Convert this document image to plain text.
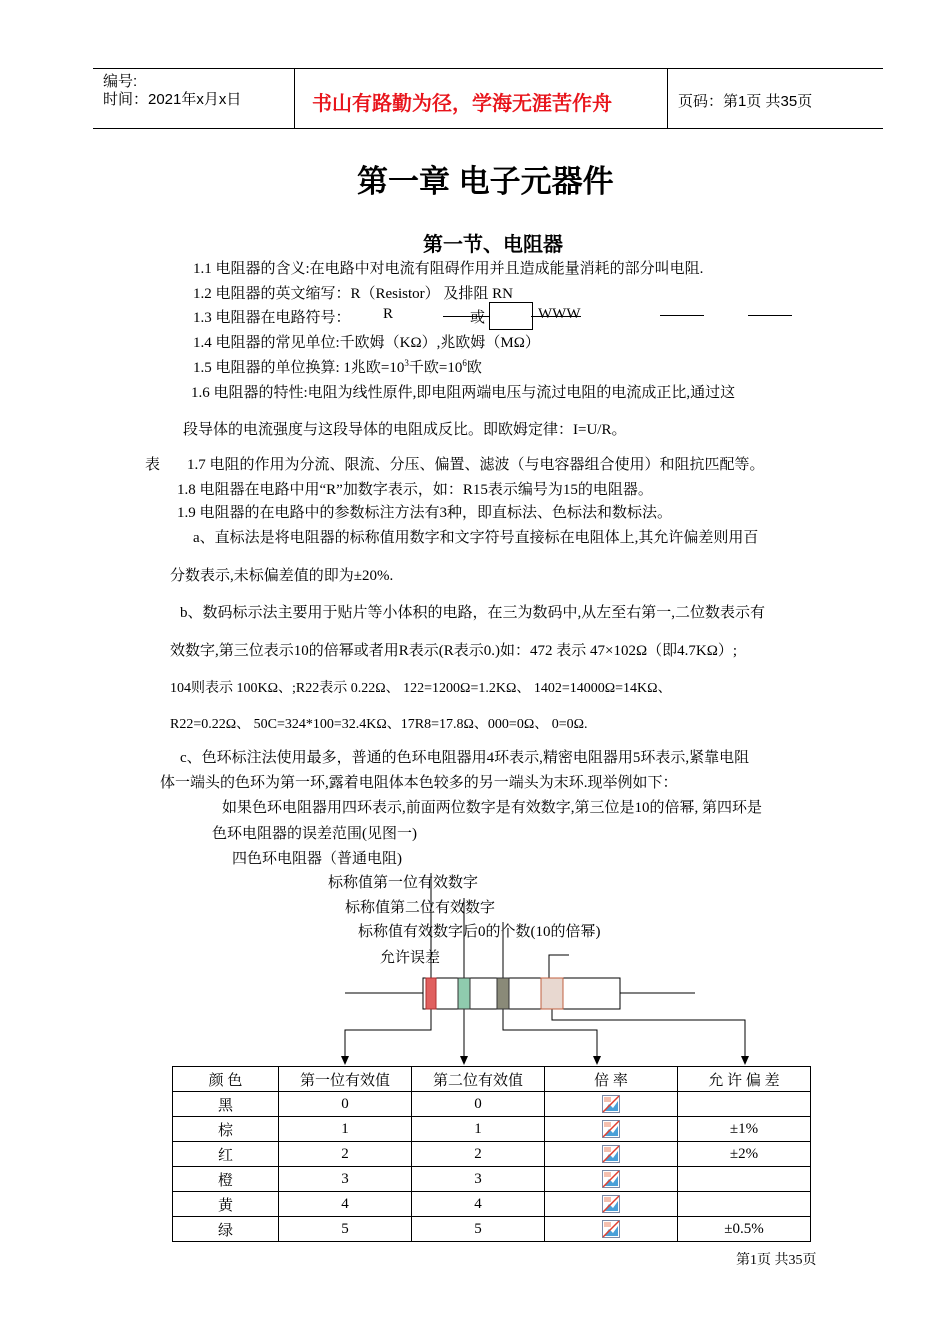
编号:
时间：2021年x月x日	书山有路勤为径，学海无涯苦作舟	页码：第1页 共35页
第一章 电子元器件
第一节、电阻器
1.1 电阻器的含义:在电路中对电流有阻碍作用并且造成能量消耗的部分叫电阻.
1.2 电阻器的英文缩写：R（Resistor） 及排阻 RN
1.3 电阻器在电路符号： R	或	WWW
1.4 电阻器的常见单位:千欧姆（KΩ）,兆欧姆（MΩ）
1.5 电阻器的单位换算: 1兆欧$=10^3$千欧$=10^6$欧
1.6 电阻器的特性:电阻为线性原件,即电阻两端电压与流过电阻的电流成正比,通过这
段导体的电流强度与这段导体的电阻成反比。即欧姆定律：I=U/R。
表 1.7 电阻的作用为分流、限流、分压、偏置、滤波（与电容器组合使用）和阻抗匹配等。
1.8 电阻器在电路中用“R”加数字表示，如：R15表示编号为15的电阻器。
1.9 电阻器的在电路中的参数标注方法有3种，即直标法、色标法和数标法。
a、直标法是将电阻器的标称值用数字和文字符号直接标在电阻体上,其允许偏差则用百
分数表示,未标偏差值的即为±20%.
b、数码标示法主要用于贴片等小体积的电路，在三为数码中,从左至右第一,二位数表示有
效数字,第三位表示10的倍幂或者用R表示(R表示0.)如：472 表示 47×102Ω（即4.7KΩ）;
104则表示 100KΩ、;R22表示 0.22Ω、 122=1200Ω=1.2KΩ、 1402=14000Ω=14KΩ、
R22=0.22Ω、 50C=324*100=32.4KΩ、17R8=17.8Ω、000=0Ω、 0=0Ω.
c、色环标注法使用最多，普通的色环电阻器用4环表示,精密电阻器用5环表示,紧靠电阻
体一端头的色环为第一环,露着电阻体本色较多的另一端头为末环.现举例如下：
如果色环电阻器用四环表示,前面两位数字是有效数字,第三位是10的倍幂, 第四环是
色环电阻器的误差范围(见图一)
四色环电阻器（普通电阻)
标称值第一位有效数字
标称值第二位有效数字
标称值有效数字后0的个数(10的倍幂)
允许误差
颜 色	第一位有效值	第二位有效值	倍 率	允 许 偏 差
黑	0	0		
棕	1	1		±1%
红	2	2		±2%
橙	3	3		
黄	4	4		
绿	5	5		±0.5%
第1页 共35页
